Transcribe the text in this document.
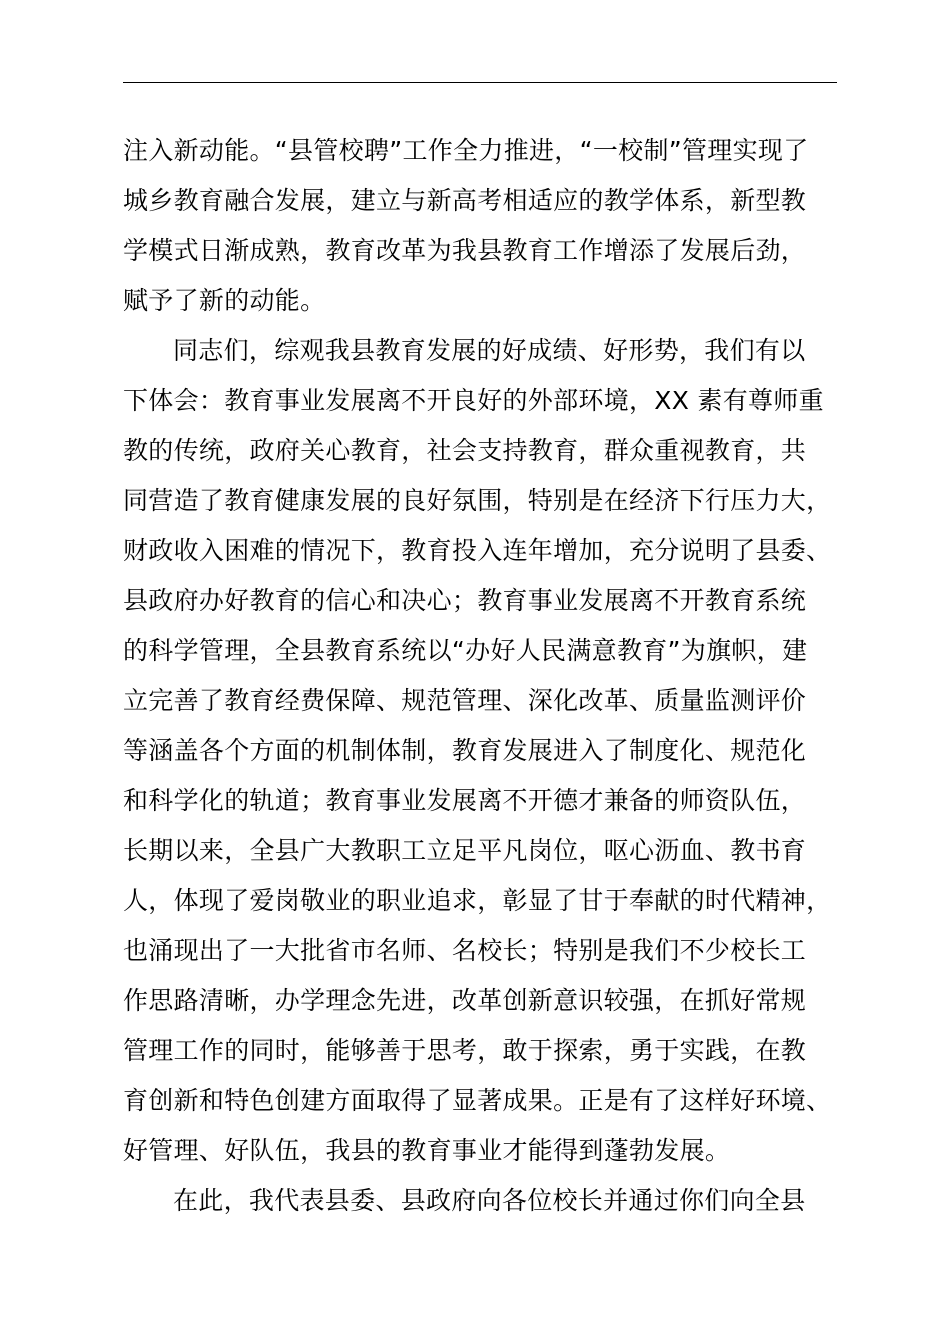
注入新动能。“县管校聘”工作全力推进，“一校制”管理实现了
城乡教育融合发展，建立与新高考相适应的教学体系，新型教
学模式日渐成熟，教育改革为我县教育工作增添了发展后劲，
赋予了新的动能。
同志们，综观我县教育发展的好成绩、好形势，我们有以
下体会：教育事业发展离不开良好的外部环境，XX 素有尊师重
教的传统，政府关心教育，社会支持教育，群众重视教育，共
同营造了教育健康发展的良好氛围，特别是在经济下行压力大，
财政收入困难的情况下，教育投入连年增加，充分说明了县委、
县政府办好教育的信心和决心；教育事业发展离不开教育系统
的科学管理，全县教育系统以“办好人民满意教育”为旗帜，建
立完善了教育经费保障、规范管理、深化改革、质量监测评价
等涵盖各个方面的机制体制，教育发展进入了制度化、规范化
和科学化的轨道；教育事业发展离不开德才兼备的师资队伍，
长期以来，全县广大教职工立足平凡岗位，呕心沥血、教书育
人，体现了爱岗敬业的职业追求，彰显了甘于奉献的时代精神，
也涌现出了一大批省市名师、名校长；特别是我们不少校长工
作思路清晰，办学理念先进，改革创新意识较强，在抓好常规
管理工作的同时，能够善于思考，敢于探索，勇于实践，在教
育创新和特色创建方面取得了显著成果。正是有了这样好环境、
好管理、好队伍，我县的教育事业才能得到蓬勃发展。
在此，我代表县委、县政府向各位校长并通过你们向全县
